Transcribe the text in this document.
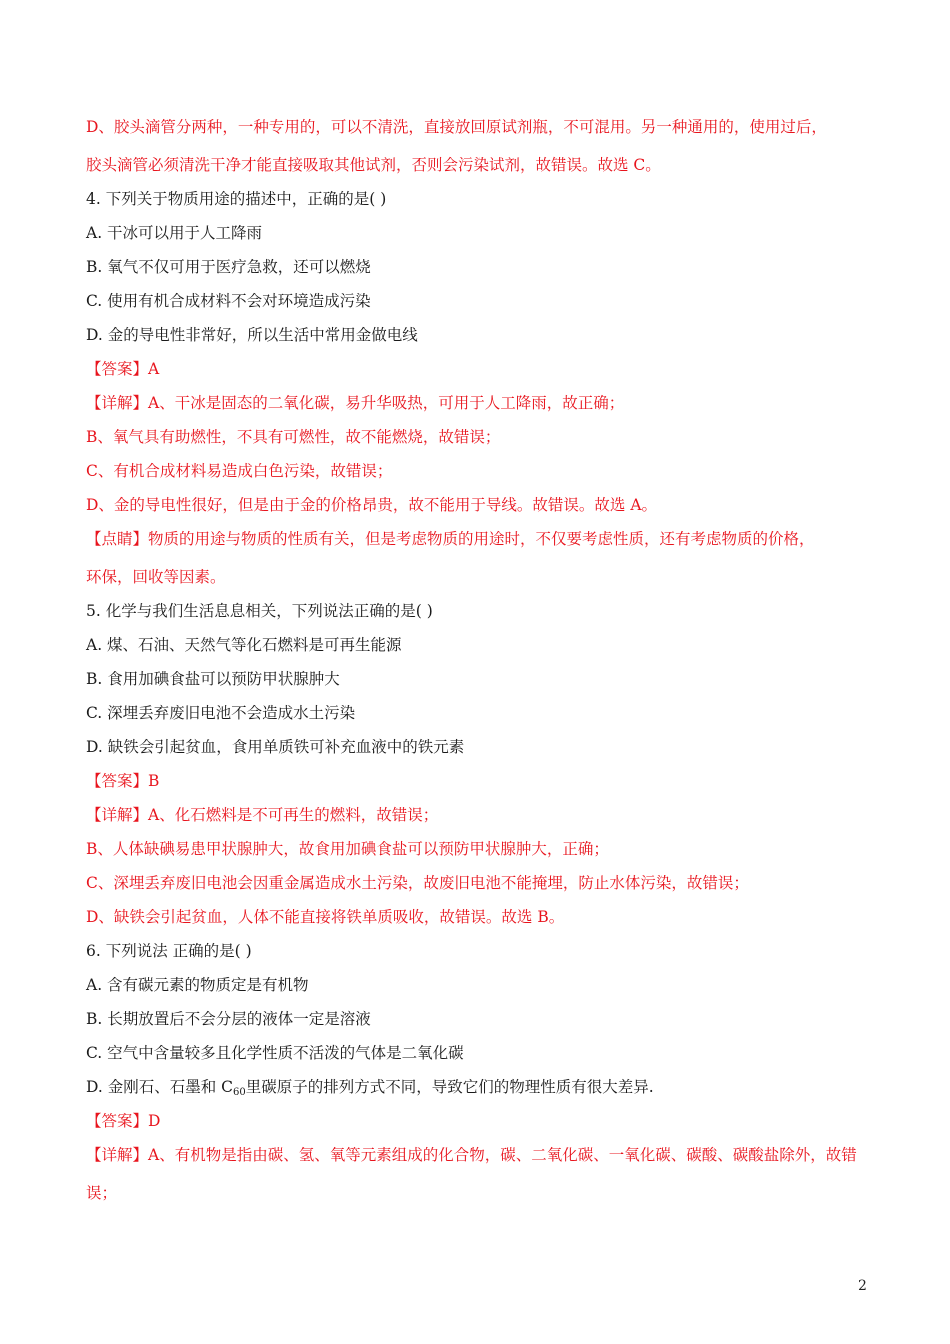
D、胶头滴管分两种，一种专用的，可以不清洗，直接放回原试剂瓶，不可混用。另一种通用的，使用过后，
胶头滴管必须清洗干净才能直接吸取其他试剂，否则会污染试剂，故错误。故选 C。
4. 下列关于物质用途的描述中，正确的是( )
A. 干冰可以用于人工降雨
B. 氧气不仅可用于医疗急救，还可以燃烧
C. 使用有机合成材料不会对环境造成污染
D. 金的导电性非常好，所以生活中常用金做电线
【答案】A
【详解】A、干冰是固态的二氧化碳，易升华吸热，可用于人工降雨，故正确；
B、氧气具有助燃性，不具有可燃性，故不能燃烧，故错误；
C、有机合成材料易造成白色污染，故错误；
D、金的导电性很好，但是由于金的价格昂贵，故不能用于导线。故错误。故选 A。
【点睛】物质的用途与物质的性质有关，但是考虑物质的用途时，不仅要考虑性质，还有考虑物质的价格，
环保，回收等因素。
5. 化学与我们生活息息相关，下列说法正确的是( )
A. 煤、石油、天然气等化石燃料是可再生能源
B. 食用加碘食盐可以预防甲状腺肿大
C. 深埋丢弃废旧电池不会造成水土污染
D. 缺铁会引起贫血，食用单质铁可补充血液中的铁元素
【答案】B
【详解】A、化石燃料是不可再生的燃料，故错误；
B、人体缺碘易患甲状腺肿大，故食用加碘食盐可以预防甲状腺肿大，正确；
C、深埋丢弃废旧电池会因重金属造成水土污染，故废旧电池不能掩埋，防止水体污染，故错误；
D、缺铁会引起贫血，人体不能直接将铁单质吸收，故错误。故选 B。
6. 下列说法 正确的是( )
A. 含有碳元素的物质定是有机物
B. 长期放置后不会分层的液体一定是溶液
C. 空气中含量较多且化学性质不活泼的气体是二氧化碳
D. 金刚石、石墨和 $C_{60}$里碳原子的排列方式不同，导致它们的物理性质有很大差异.
【答案】D
【详解】A、有机物是指由碳、氢、氧等元素组成的化合物，碳、二氧化碳、一氧化碳、碳酸、碳酸盐除外，故错
误；
2
